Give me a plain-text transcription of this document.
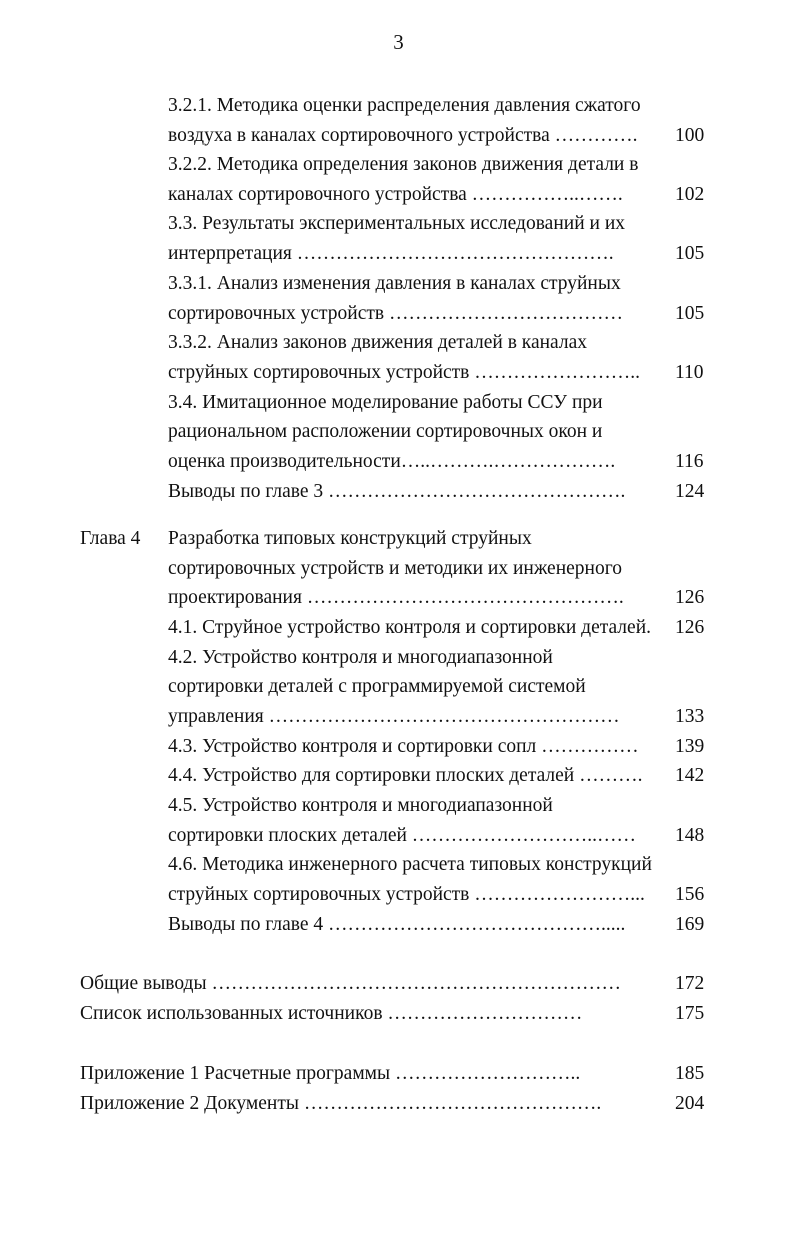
3
3.2.1. Методика оценки распределения давления сжатого
воздуха в каналах сортировочного устройства …………. 100
3.2.2. Методика определения законов движения детали в
каналах сортировочного устройства ……………..…….	102
3.3. Результаты экспериментальных исследований и их
интерпретация ………………………………………….	105
3.3.1. Анализ изменения давления в каналах струйных
сортировочных устройств ………………………………	105
3.3.2. Анализ законов движения деталей в каналах
струйных сортировочных устройств …………………….. 110
3.4. Имитационное моделирование работы ССУ при
рациональном расположении сортировочных окон и
оценка производительности…..……….……………….	116
Выводы по главе 3 ……………………………………….	124
Глава 4 Разработка типовых конструкций струйных
сортировочных устройств и методики их инженерного
проектирования ………………………………………….	126
4.1. Струйное устройство контроля и сортировки деталей. 126
4.2. Устройство контроля и многодиапазонной
сортировки деталей с программируемой системой
управления ………………………………………………	133
4.3. Устройство контроля и сортировки сопл …………… 139
4.4. Устройство для сортировки плоских деталей ………. 142
4.5. Устройство контроля и многодиапазонной
сортировки плоских деталей ………………………..…… 148
4.6. Методика инженерного расчета типовых конструкций
струйных сортировочных устройств ……………………... 156
Выводы по главе 4 …………………………………….....	169
Общие выводы ………………………………………………………	172
Список использованных источников …………………………	175
Приложение 1 Расчетные программы ………………………..	185
Приложение 2 Документы ……………………………………….	204
